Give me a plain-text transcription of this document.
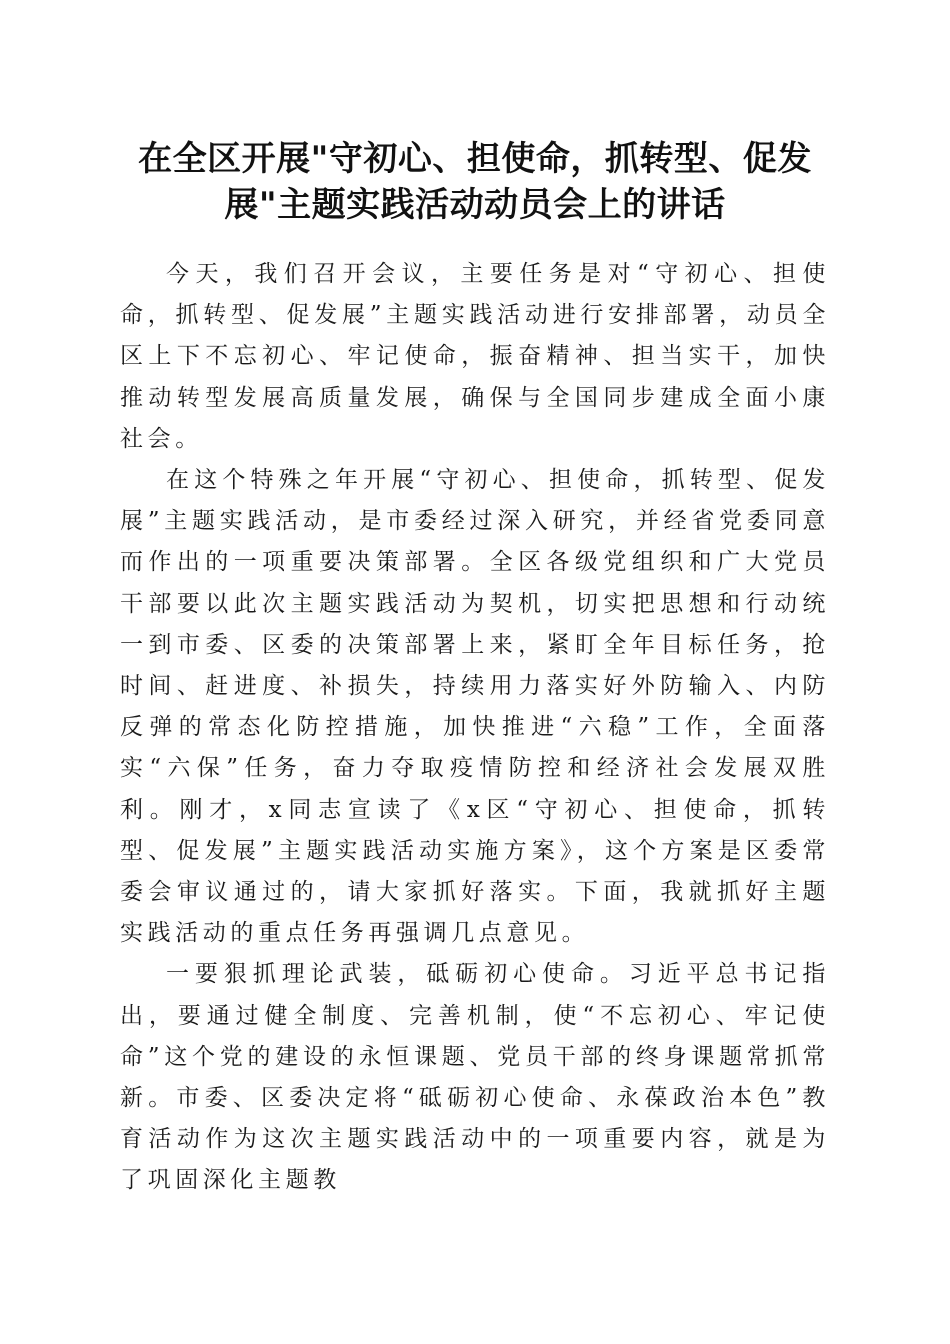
在全区开展"守初心、担使命，抓转型、促发
展"主题实践活动动员会上的讲话

今天，我们召开会议，主要任务是对“守初心、担使命，抓转型、促发展”主题实践活动进行安排部署，动员全区上下不忘初心、牢记使命，振奋精神、担当实干，加快推动转型发展高质量发展，确保与全国同步建成全面小康社会。

在这个特殊之年开展“守初心、担使命，抓转型、促发展”主题实践活动，是市委经过深入研究，并经省党委同意而作出的一项重要决策部署。全区各级党组织和广大党员干部要以此次主题实践活动为契机，切实把思想和行动统一到市委、区委的决策部署上来，紧盯全年目标任务，抢时间、赶进度、补损失，持续用力落实好外防输入、内防反弹的常态化防控措施，加快推进“六稳”工作，全面落实“六保”任务，奋力夺取疫情防控和经济社会发展双胜利。刚才，x同志宣读了《x区“守初心、担使命，抓转型、促发展”主题实践活动实施方案》，这个方案是区委常委会审议通过的，请大家抓好落实。下面，我就抓好主题实践活动的重点任务再强调几点意见。

一要狠抓理论武装，砥砺初心使命。习近平总书记指出，要通过健全制度、完善机制，使“不忘初心、牢记使命”这个党的建设的永恒课题、党员干部的终身课题常抓常新。市委、区委决定将“砥砺初心使命、永葆政治本色”教育活动作为这次主题实践活动中的一项重要内容，就是为了巩固深化主题教
